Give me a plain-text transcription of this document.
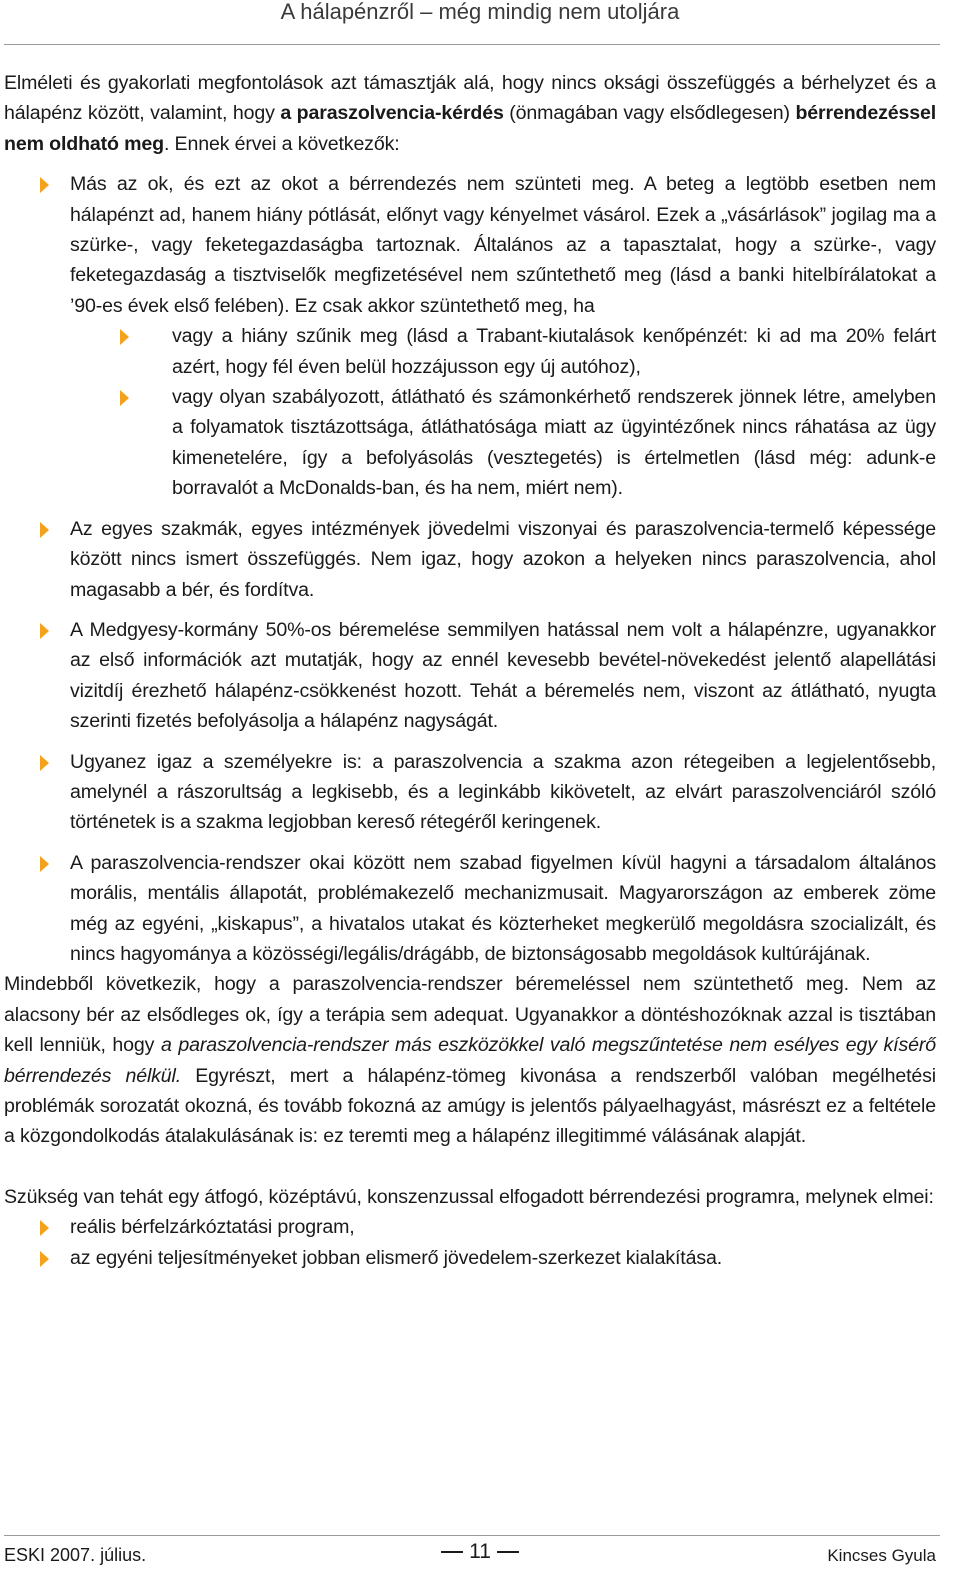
A hálapénzről – még mindig nem utoljára

Elméleti és gyakorlati megfontolások azt támasztják alá, hogy nincs oksági összefüggés a bérhelyzet és a hálapénz között, valamint, hogy a paraszolvencia-kérdés (önmagában vagy elsődlegesen) bérrendezéssel nem oldható meg. Ennek érvei a következők:

Más az ok, és ezt az okot a bérrendezés nem szünteti meg. A beteg a legtöbb esetben nem hálapénzt ad, hanem hiány pótlását, előnyt vagy kényelmet vásárol. Ezek a „vásárlások” jogilag ma a szürke-, vagy feketegazdaságba tartoznak. Általános az a tapasztalat, hogy a szürke-, vagy feketegazdaság a tisztviselők megfizetésével nem szűntethető meg (lásd a banki hitelbírálatokat a ’90-es évek első felében). Ez csak akkor szüntethető meg, ha
vagy a hiány szűnik meg (lásd a Trabant-kiutalások kenőpénzét: ki ad ma 20% felárt azért, hogy fél éven belül hozzájusson egy új autóhoz),
vagy olyan szabályozott, átlátható és számonkérhető rendszerek jönnek létre, amelyben a folyamatok tisztázottsága, átláthatósága miatt az ügyintézőnek nincs ráhatása az ügy kimenetelére, így a befolyásolás (vesztegetés) is értelmetlen (lásd még: adunk-e borravalót a McDonalds-ban, és ha nem, miért nem).
Az egyes szakmák, egyes intézmények jövedelmi viszonyai és paraszolvencia-termelő képessége között nincs ismert összefüggés. Nem igaz, hogy azokon a helyeken nincs paraszolvencia, ahol magasabb a bér, és fordítva.
A Medgyesy-kormány 50%-os béremelése semmilyen hatással nem volt a hálapénzre, ugyanakkor az első információk azt mutatják, hogy az ennél kevesebb bevétel-növekedést jelentő alapellátási vizitdíj érezhető hálapénz-csökkenést hozott. Tehát a béremelés nem, viszont az átlátható, nyugta szerinti fizetés befolyásolja a hálapénz nagyságát.
Ugyanez igaz a személyekre is: a paraszolvencia a szakma azon rétegeiben a legjelentősebb, amelynél a rászorultság a legkisebb, és a leginkább kikövetelt, az elvárt paraszolvenciáról szóló történetek is a szakma legjobban kereső rétegéről keringenek.
A paraszolvencia-rendszer okai között nem szabad figyelmen kívül hagyni a társadalom általános morális, mentális állapotát, problémakezelő mechanizmusait. Magyarországon az emberek zöme még az egyéni, „kiskapus”, a hivatalos utakat és közterheket megkerülő megoldásra szocializált, és nincs hagyománya a közösségi/legális/drágább, de biztonságosabb megoldások kultúrájának.

Mindebből következik, hogy a paraszolvencia-rendszer béremeléssel nem szüntethető meg. Nem az alacsony bér az elsődleges ok, így a terápia sem adequat. Ugyanakkor a döntéshozóknak azzal is tisztában kell lenniük, hogy a paraszolvencia-rendszer más eszközökkel való megszűntetése nem esélyes egy kísérő bérrendezés nélkül. Egyrészt, mert a hálapénz-tömeg kivonása a rendszerből valóban megélhetési problémák sorozatát okozná, és tovább fokozná az amúgy is jelentős pályaelhagyást, másrészt ez a feltétele a közgondolkodás átalakulásának is: ez teremti meg a hálapénz illegitimmé válásának alapját.

Szükség van tehát egy átfogó, középtávú, konszenzussal elfogadott bérrendezési programra, melynek elmei:

reális bérfelzárkóztatási program,
az egyéni teljesítményeket jobban elismerő jövedelem-szerkezet kialakítása.
ESKI 2007. július.	11	Kincses Gyula
